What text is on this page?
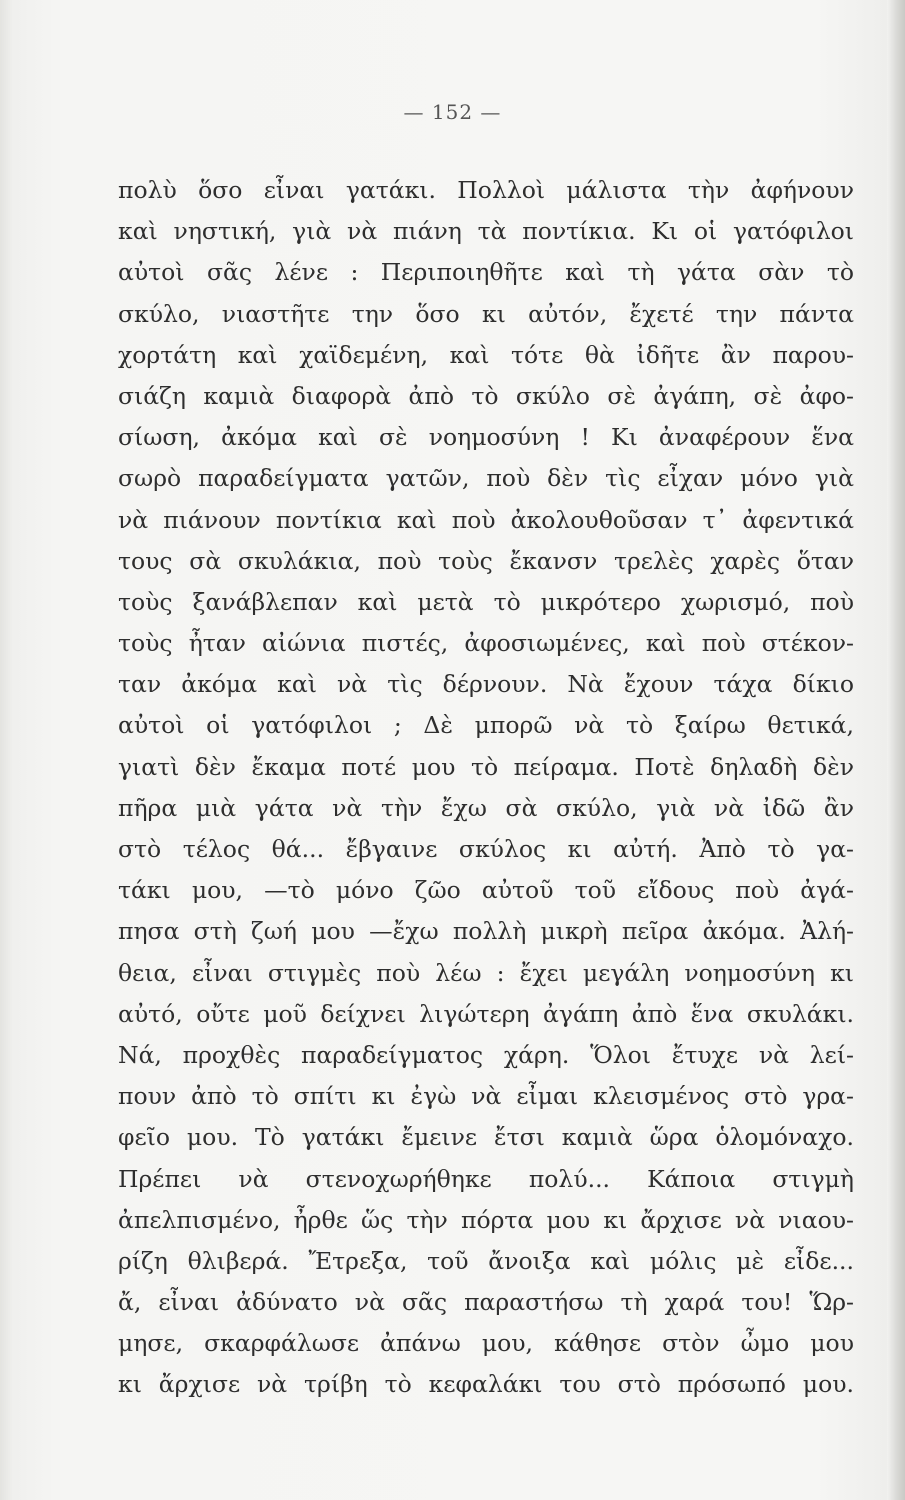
— 152 —
πολὺ ὅσο εἶναι γατάκι. Πολλοὶ μάλιστα τὴν ἀφήνουν
καὶ νηστική, γιὰ νὰ πιάνη τὰ ποντίκια. Κι οἱ γατόφιλοι
αὐτοὶ σᾶς λένε : Περιποιηθῆτε καὶ τὴ γάτα σὰν τὸ
σκύλο, νιαστῆτε την ὅσο κι αὐτόν, ἔχετέ την πάντα
χορτάτη καὶ χαϊδεμένη, καὶ τότε θὰ ἰδῆτε ἂν παρου-
σιάζη καμιὰ διαφορὰ ἀπὸ τὸ σκύλο σὲ ἀγάπη, σὲ ἀφο-
σίωση, ἀκόμα καὶ σὲ νοημοσύνη ! Κι ἀναφέρουν ἕνα
σωρὸ παραδείγματα γατῶν, ποὺ δὲν τὶς εἶχαν μόνο γιὰ
νὰ πιάνουν ποντίκια καὶ ποὺ ἀκολουθοῦσαν τ᾽ ἀφεντικά
τους σὰ σκυλάκια, ποὺ τοὺς ἔκανσν τρελὲς χαρὲς ὅταν
τοὺς ξανάβλεπαν καὶ μετὰ τὸ μικρότερο χωρισμό, ποὺ
τοὺς ἦταν αἰώνια πιστές, ἀφοσιωμένες, καὶ ποὺ στέκον-
ταν ἀκόμα καὶ νὰ τὶς δέρνουν. Νὰ ἔχουν τάχα δίκιο
αὐτοὶ οἱ γατόφιλοι ; Δὲ μπορῶ νὰ τὸ ξαίρω θετικά,
γιατὶ δὲν ἔκαμα ποτέ μου τὸ πείραμα. Ποτὲ δηλαδὴ δὲν
πῆρα μιὰ γάτα νὰ τὴν ἔχω σὰ σκύλο, γιὰ νὰ ἰδῶ ἂν
στὸ τέλος θά... ἔβγαινε σκύλος κι αὐτή. Ἀπὸ τὸ γα-
τάκι μου, —τὸ μόνο ζῶο αὐτοῦ τοῦ εἴδους ποὺ ἀγά-
πησα στὴ ζωή μου —ἔχω πολλὴ μικρὴ πεῖρα ἀκόμα. Ἀλή-
θεια, εἶναι στιγμὲς ποὺ λέω : ἔχει μεγάλη νοημοσύνη κι
αὐτό, οὔτε μοῦ δείχνει λιγώτερη ἀγάπη ἀπὸ ἕνα σκυλάκι.
Νά, προχθὲς παραδείγματος χάρη. Ὅλοι ἔτυχε νὰ λεί-
πουν ἀπὸ τὸ σπίτι κι ἐγὼ νὰ εἶμαι κλεισμένος στὸ γρα-
φεῖο μου. Τὸ γατάκι ἔμεινε ἔτσι καμιὰ ὥρα ὁλομόναχο.
Πρέπει νὰ στενοχωρήθηκε πολύ... Κάποια στιγμὴ
ἀπελπισμένο, ἦρθε ὥς τὴν πόρτα μου κι ἄρχισε νὰ νιαου-
ρίζη θλιβερά. Ἔτρεξα, τοῦ ἄνοιξα καὶ μόλις μὲ εἶδε...
ἄ, εἶναι ἀδύνατο νὰ σᾶς παραστήσω τὴ χαρά του! Ὥρ-
μησε, σκαρφάλωσε ἀπάνω μου, κάθησε στὸν ὦμο μου
κι ἄρχισε νὰ τρίβη τὸ κεφαλάκι του στὸ πρόσωπό μου.
